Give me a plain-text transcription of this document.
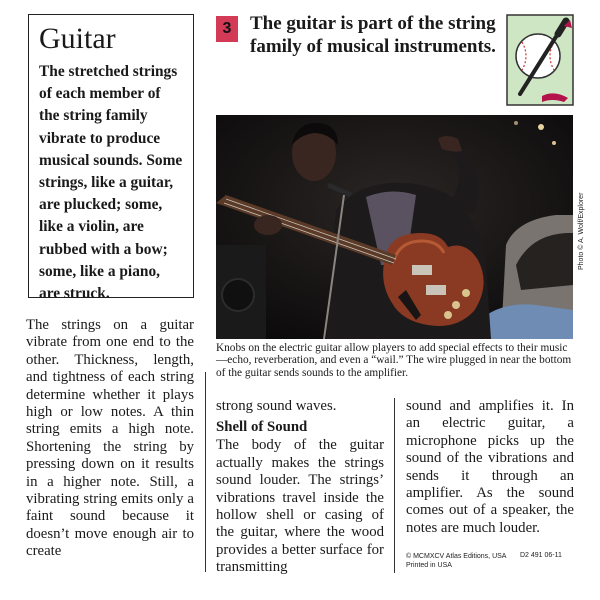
Guitar

The stretched strings of each member of the string family vibrate to produce musical sounds. Some strings, like a guitar, are plucked; some, like a violin, are rubbed with a bow; some, like a piano, are struck.

3 The guitar is part of the string family of musical instruments.
Photo © A. Wolf/Explorer

Knobs on the electric guitar allow players to add special effects to their music—echo, reverberation, and even a “wail.” The wire plugged in near the bottom of the guitar sends sounds to the amplifier.

The strings on a guitar vibrate from one end to the other. Thickness, length, and tightness of each string determine whether it plays high or low notes. A thin string emits a high note. Shortening the string by pressing down on it results in a higher note. Still, a vibrating string emits only a faint sound because it doesn’t move enough air to create

strong sound waves.
Shell of Sound
The body of the guitar actually makes the strings sound louder. The strings’ vibrations travel inside the hollow shell or casing of the guitar, where the wood provides a better surface for transmitting

sound and amplifies it. In an electric guitar, a microphone picks up the sound of the vibrations and sends it through an amplifier. As the sound comes out of a speaker, the notes are much louder.

© MCMXCV Atlas Editions, USA
Printed in USA
D2 491 06-11
